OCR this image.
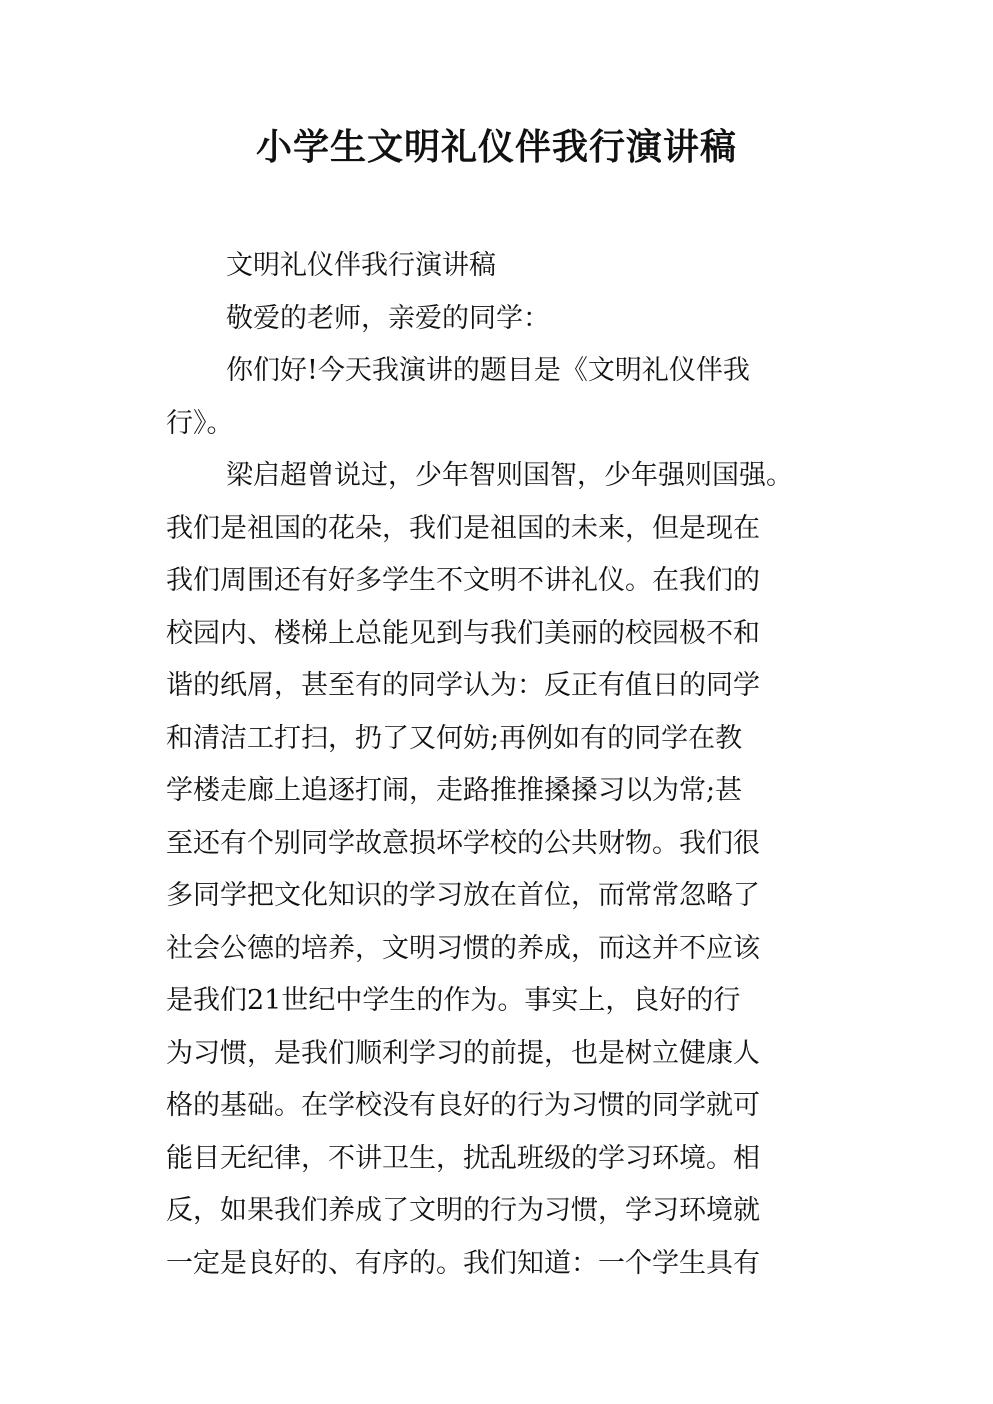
小学生文明礼仪伴我行演讲稿
文明礼仪伴我行演讲稿
敬爱的老师，亲爱的同学：
你们好!今天我演讲的题目是《文明礼仪伴我
行》。
梁启超曾说过，少年智则国智，少年强则国强。
我们是祖国的花朵，我们是祖国的未来，但是现在
我们周围还有好多学生不文明不讲礼仪。在我们的
校园内、楼梯上总能见到与我们美丽的校园极不和
谐的纸屑，甚至有的同学认为：反正有值日的同学
和清洁工打扫，扔了又何妨;再例如有的同学在教
学楼走廊上追逐打闹，走路推推搡搡习以为常;甚
至还有个别同学故意损坏学校的公共财物。我们很
多同学把文化知识的学习放在首位，而常常忽略了
社会公德的培养，文明习惯的养成，而这并不应该
是我们21世纪中学生的作为。事实上，良好的行
为习惯，是我们顺利学习的前提，也是树立健康人
格的基础。在学校没有良好的行为习惯的同学就可
能目无纪律，不讲卫生，扰乱班级的学习环境。相
反，如果我们养成了文明的行为习惯，学习环境就
一定是良好的、有序的。我们知道：一个学生具有
